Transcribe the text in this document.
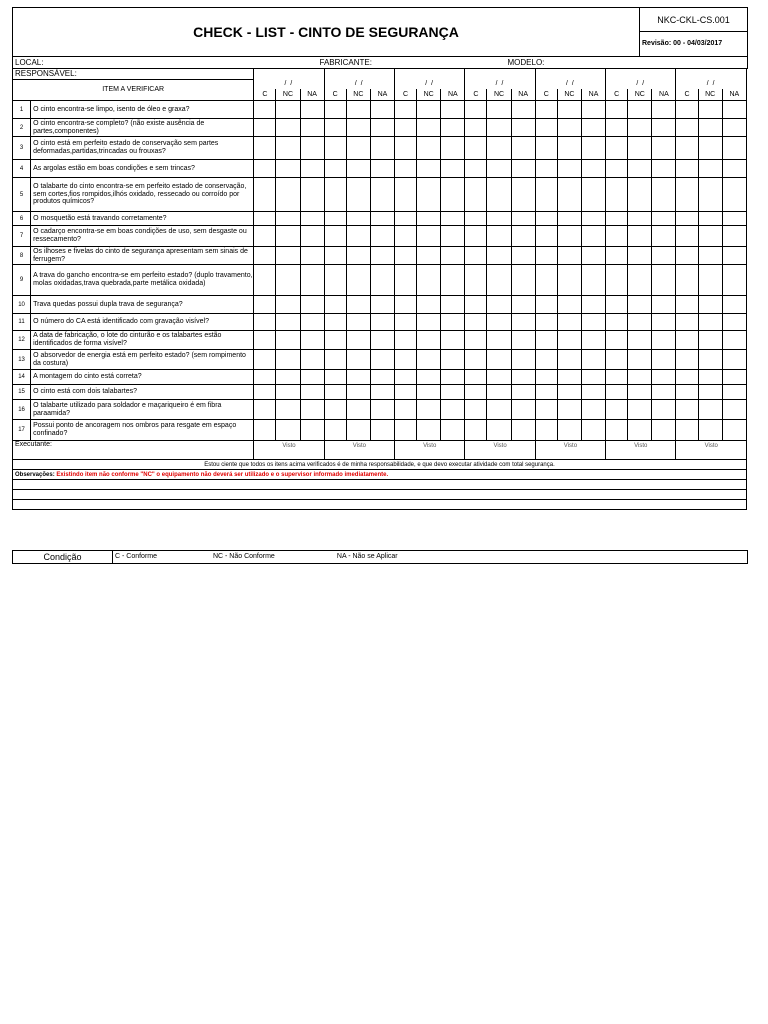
CHECK - LIST - CINTO DE SEGURANÇA	NKC-CKL-CS.001
Revisão: 00 - 04/03/2017
LOCAL:	FABRICANTE:	MODELO:
RESPONSÁVEL:																						
ITEM A VERIFICAR		/ /			/ /			/ /			/ /			/ /			/ /			/ /		
		C	NC	NA	C	NC	NA	C	NC	NA	C	NC	NA	C	NC	NA	C	NC	NA	C	NC	NA
1	O cinto encontra-se limpo, isento de óleo e graxa?																					
2	O cinto encontra-se completo? (não existe ausência de partes,componentes)																					
3	O cinto está em perfeito estado de conservação sem partes deformadas,partidas,trincadas ou frouxas?																					
4	As argolas estão em boas condições e sem trincas?																					
5	O talabarte do cinto encontra-se em perfeito estado de conservação, sem cortes,fios rompidos,ilhós oxidado, ressecado ou corroído por produtos químicos?																					
6	O mosquetão está travando corretamente?																					
7	O cadarço encontra-se em boas condições de uso, sem desgaste ou ressecamento?																					
8	Os ilhoses e fivelas do cinto de segurança apresentam sem sinais de ferrugem?																					
9	A trava do gancho encontra-se em perfeito estado? (duplo travamento, molas oxidadas,trava quebrada,parte metálica oxidada)																					
10	Trava quedas possui dupla trava de segurança?																					
11	O número do CA está identificado com gravação visível?																					
12	A data de fabricação, o lote do cinturão e os talabartes estão identificados de forma visível?																					
13	O absorvedor de energia está em perfeito estado? (sem rompimento da costura)																					
14	A montagem do cinto está correta?																					
15	O cinto está com dois talabartes?																					
16	O talabarte utilizado para soldador e maçariqueiro é em fibra paraamida?																					
17	Possui ponto de ancoragem nos ombros para resgate em espaço confinado?																					
Executante:		Visto			Visto			Visto			Visto			Visto			Visto			Visto		

Estou ciente que todos os itens acima verificados é de minha responsabilidade, e que devo executar atividade com total segurança.
Observações: Existindo item não conforme "NC" o equipamento não deverá ser utilizado e o supervisor informado imediatamente.

Condição	C - Conforme	NC - Não Conforme	NA - Não se Aplicar
